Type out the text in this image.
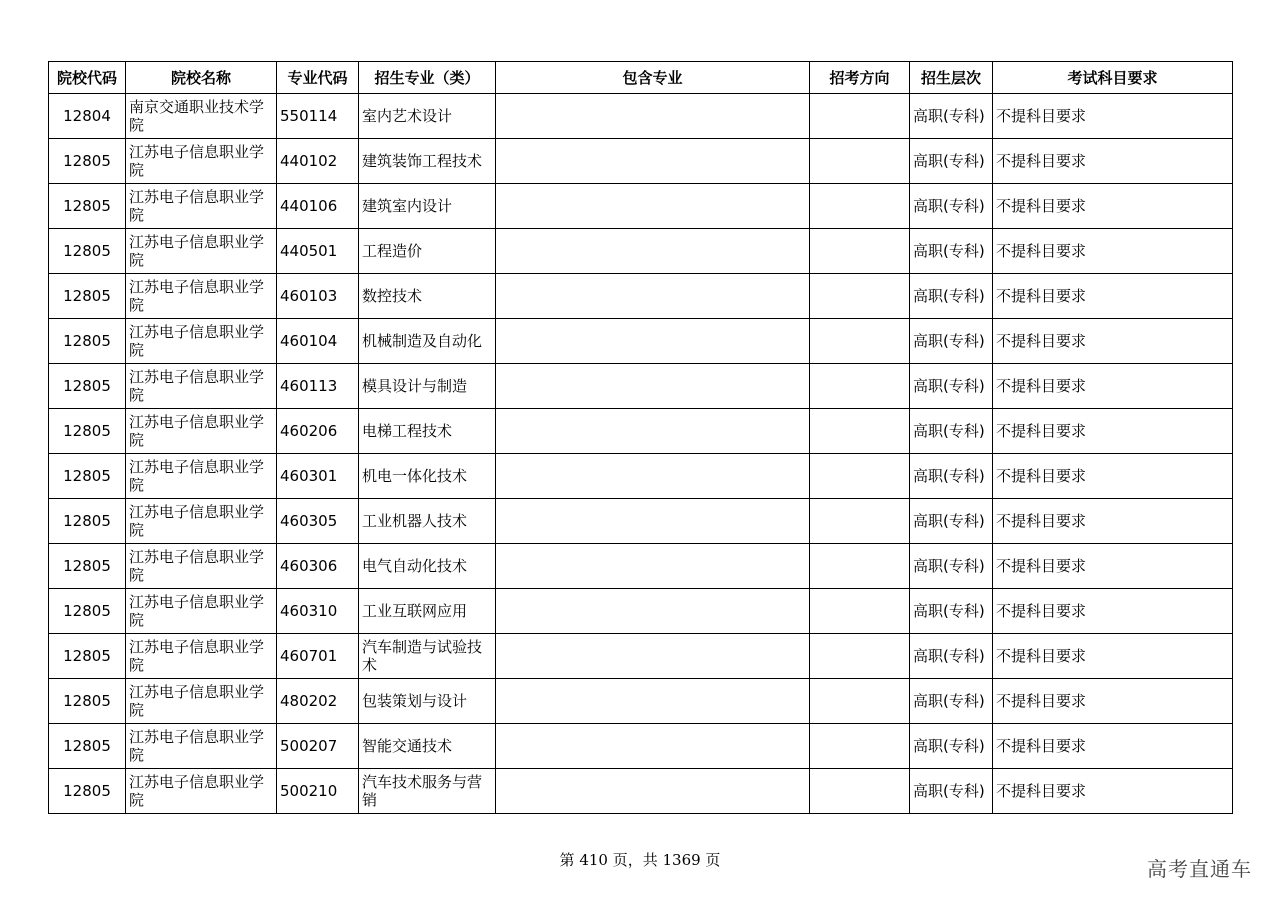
院校代码	院校名称	专业代码	招生专业（类）	包含专业	招考方向	招生层次	考试科目要求
12804	南京交通职业技术学院	550114	室内艺术设计			高职(专科)	不提科目要求
12805	江苏电子信息职业学院	440102	建筑装饰工程技术			高职(专科)	不提科目要求
12805	江苏电子信息职业学院	440106	建筑室内设计			高职(专科)	不提科目要求
12805	江苏电子信息职业学院	440501	工程造价			高职(专科)	不提科目要求
12805	江苏电子信息职业学院	460103	数控技术			高职(专科)	不提科目要求
12805	江苏电子信息职业学院	460104	机械制造及自动化			高职(专科)	不提科目要求
12805	江苏电子信息职业学院	460113	模具设计与制造			高职(专科)	不提科目要求
12805	江苏电子信息职业学院	460206	电梯工程技术			高职(专科)	不提科目要求
12805	江苏电子信息职业学院	460301	机电一体化技术			高职(专科)	不提科目要求
12805	江苏电子信息职业学院	460305	工业机器人技术			高职(专科)	不提科目要求
12805	江苏电子信息职业学院	460306	电气自动化技术			高职(专科)	不提科目要求
12805	江苏电子信息职业学院	460310	工业互联网应用			高职(专科)	不提科目要求
12805	江苏电子信息职业学院	460701	汽车制造与试验技术			高职(专科)	不提科目要求
12805	江苏电子信息职业学院	480202	包装策划与设计			高职(专科)	不提科目要求
12805	江苏电子信息职业学院	500207	智能交通技术			高职(专科)	不提科目要求
12805	江苏电子信息职业学院	500210	汽车技术服务与营销			高职(专科)	不提科目要求
第 410 页，共 1369 页	高考直通车
